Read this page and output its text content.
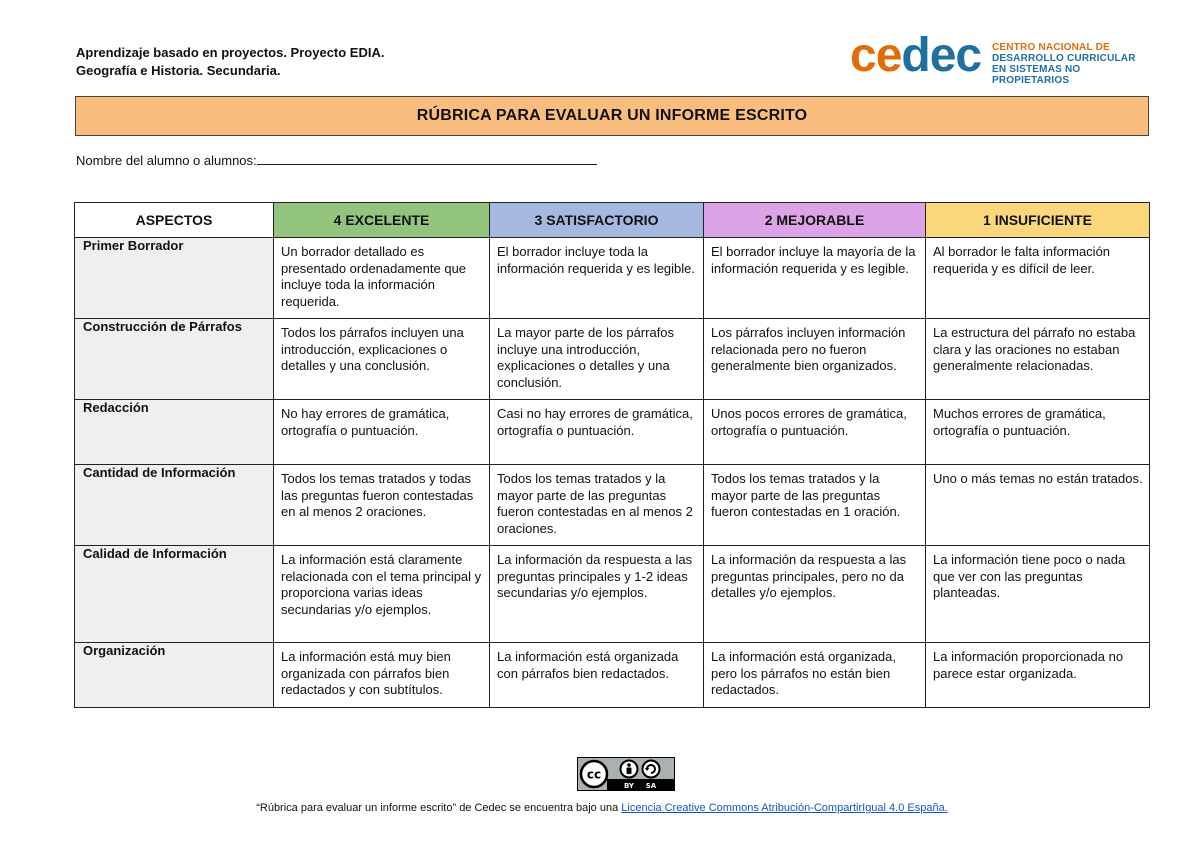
Aprendizaje basado en proyectos. Proyecto EDIA.
Geografía e Historia. Secundaria.	cedec CENTRO NACIONAL DE
DESARROLLO CURRICULAR
EN SISTEMAS NO PROPIETARIOS
RÚBRICA PARA EVALUAR UN INFORME ESCRITO
Nombre del alumno o alumnos:
ASPECTOS	4 EXCELENTE	3 SATISFACTORIO	2 MEJORABLE	1 INSUFICIENTE
Primer Borrador	Un borrador detallado es presentado ordenadamente que incluye toda la información requerida.	El borrador incluye toda la información requerida y es legible.	El borrador incluye la mayoría de la información requerida y es legible.	Al borrador le falta información requerida y es difícil de leer.
Construcción de Párrafos	Todos los párrafos incluyen una introducción, explicaciones o detalles y una conclusión.	La mayor parte de los párrafos incluye una introducción, explicaciones o detalles y una conclusión.	Los párrafos incluyen información relacionada pero no fueron generalmente bien organizados.	La estructura del párrafo no estaba clara y las oraciones no estaban generalmente relacionadas.
Redacción	No hay errores de gramática, ortografía o puntuación.	Casi no hay errores de gramática, ortografía o puntuación.	Unos pocos errores de gramática, ortografía o puntuación.	Muchos errores de gramática, ortografía o puntuación.
Cantidad de Información	Todos los temas tratados y todas las preguntas fueron contestadas en al menos 2 oraciones.	Todos los temas tratados y la mayor parte de las preguntas fueron contestadas en al menos 2 oraciones.	Todos los temas tratados y la mayor parte de las preguntas fueron contestadas en 1 oración.	Uno o más temas no están tratados.
Calidad de Información	La información está claramente relacionada con el tema principal y proporciona varias ideas secundarias y/o ejemplos.	La información da respuesta a las preguntas principales y 1-2 ideas secundarias y/o ejemplos.	La información da respuesta a las preguntas principales, pero no da detalles y/o ejemplos.	La información tiene poco o nada que ver con las preguntas planteadas.
Organización	La información está muy bien organizada con párrafos bien redactados y con subtítulos.	La información está organizada con párrafos bien redactados.	La información está organizada, pero los párrafos no están bien redactados.	La información proporcionada no parece estar organizada.
cc
BY SA
“Rúbrica para evaluar un informe escrito” de Cedec se encuentra bajo una Licencia Creative Commons Atribución-CompartirIgual 4.0 España.
